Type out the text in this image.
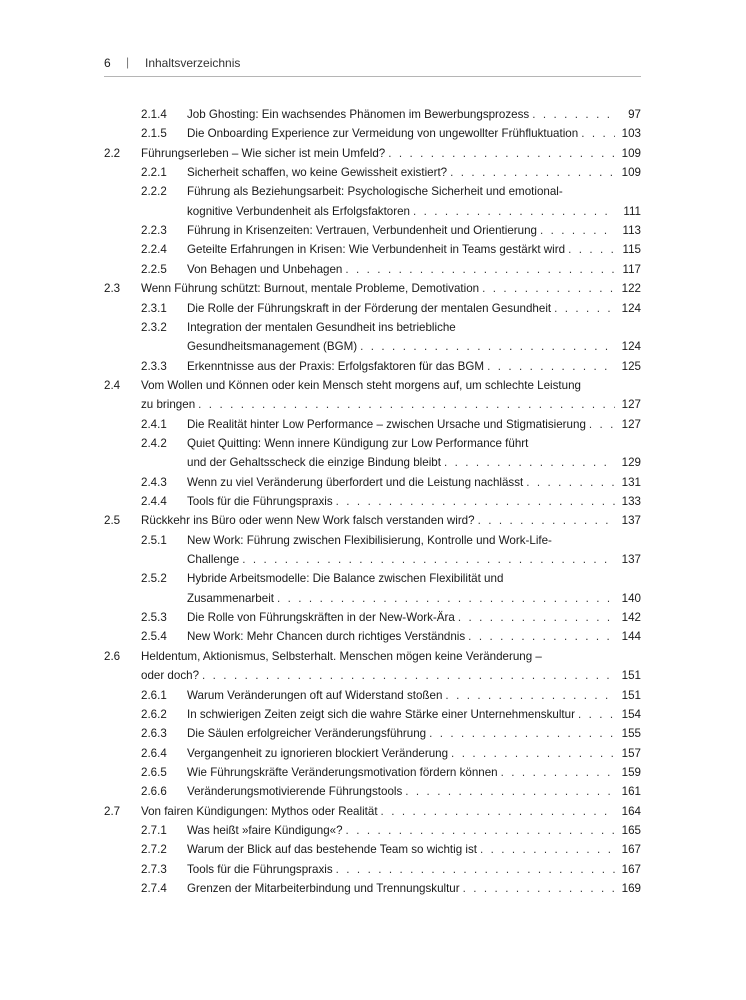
6 | Inhaltsverzeichnis
2.1.4 Job Ghosting: Ein wachsendes Phänomen im Bewerbungsprozess . . .	97
2.1.5 Die Onboarding Experience zur Vermeidung von ungewollter Frühfluktuation . . .	103
2.2 Führungserleben – Wie sicher ist mein Umfeld? . . .	109
2.2.1 Sicherheit schaffen, wo keine Gewissheit existiert? . . .	109
2.2.2 Führung als Beziehungsarbeit: Psychologische Sicherheit und emotional-
kognitive Verbundenheit als Erfolgsfaktoren . . .	111
2.2.3 Führung in Krisenzeiten: Vertrauen, Verbundenheit und Orientierung . . .	113
2.2.4 Geteilte Erfahrungen in Krisen: Wie Verbundenheit in Teams gestärkt wird . . .	115
2.2.5 Von Behagen und Unbehagen . . .	117
2.3 Wenn Führung schützt: Burnout, mentale Probleme, Demotivation . . .	122
2.3.1 Die Rolle der Führungskraft in der Förderung der mentalen Gesundheit . . .	124
2.3.2 Integration der mentalen Gesundheit ins betriebliche
Gesundheitsmanagement (BGM) . . .	124
2.3.3 Erkenntnisse aus der Praxis: Erfolgsfaktoren für das BGM . . .	125
2.4 Vom Wollen und Können oder kein Mensch steht morgens auf, um schlechte Leistung
zu bringen . . .	127
2.4.1 Die Realität hinter Low Performance – zwischen Ursache und Stigmatisierung . . .	127
2.4.2 Quiet Quitting: Wenn innere Kündigung zur Low Performance führt
und der Gehaltsscheck die einzige Bindung bleibt . . .	129
2.4.3 Wenn zu viel Veränderung überfordert und die Leistung nachlässt . . .	131
2.4.4 Tools für die Führungspraxis . . .	133
2.5 Rückkehr ins Büro oder wenn New Work falsch verstanden wird? . . .	137
2.5.1 New Work: Führung zwischen Flexibilisierung, Kontrolle und Work-Life-
Challenge . . .	137
2.5.2 Hybride Arbeitsmodelle: Die Balance zwischen Flexibilität und
Zusammenarbeit . . .	140
2.5.3 Die Rolle von Führungskräften in der New-Work-Ära . . .	142
2.5.4 New Work: Mehr Chancen durch richtiges Verständnis . . .	144
2.6 Heldentum, Aktionismus, Selbsterhalt. Menschen mögen keine Veränderung –
oder doch? . . .	151
2.6.1 Warum Veränderungen oft auf Widerstand stoßen . . .	151
2.6.2 In schwierigen Zeiten zeigt sich die wahre Stärke einer Unternehmenskultur . . .	154
2.6.3 Die Säulen erfolgreicher Veränderungsführung . . .	155
2.6.4 Vergangenheit zu ignorieren blockiert Veränderung . . .	157
2.6.5 Wie Führungskräfte Veränderungsmotivation fördern können . . .	159
2.6.6 Veränderungsmotivierende Führungstools . . .	161
2.7 Von fairen Kündigungen: Mythos oder Realität . . .	164
2.7.1 Was heißt »faire Kündigung«? . . .	165
2.7.2 Warum der Blick auf das bestehende Team so wichtig ist . . .	167
2.7.3 Tools für die Führungspraxis . . .	167
2.7.4 Grenzen der Mitarbeiterbindung und Trennungskultur . . .	169
